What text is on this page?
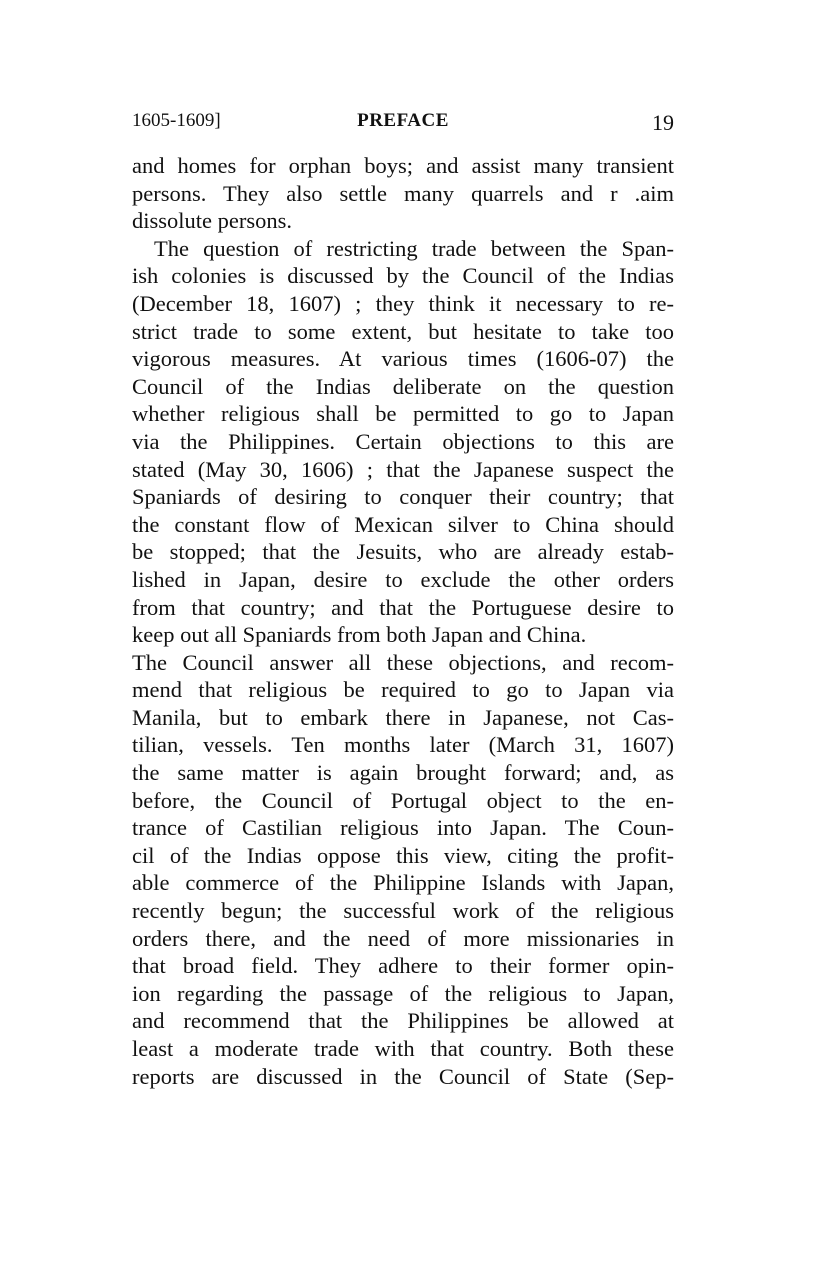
1605-1609]	PREFACE	19
and homes for orphan boys; and assist many transient
persons. They also settle many quarrels and r .aim
dissolute persons.
The question of restricting trade between the Span-
ish colonies is discussed by the Council of the Indias
(December 18, 1607) ; they think it necessary to re-
strict trade to some extent, but hesitate to take too
vigorous measures. At various times (1606-07) the
Council of the Indias deliberate on the question
whether religious shall be permitted to go to Japan
via the Philippines. Certain objections to this are
stated (May 30, 1606) ; that the Japanese suspect the
Spaniards of desiring to conquer their country; that
the constant flow of Mexican silver to China should
be stopped; that the Jesuits, who are already estab-
lished in Japan, desire to exclude the other orders
from that country; and that the Portuguese desire to
keep out all Spaniards from both Japan and China.
The Council answer all these objections, and recom-
mend that religious be required to go to Japan via
Manila, but to embark there in Japanese, not Cas-
tilian, vessels. Ten months later (March 31, 1607)
the same matter is again brought forward; and, as
before, the Council of Portugal object to the en-
trance of Castilian religious into Japan. The Coun-
cil of the Indias oppose this view, citing the profit-
able commerce of the Philippine Islands with Japan,
recently begun; the successful work of the religious
orders there, and the need of more missionaries in
that broad field. They adhere to their former opin-
ion regarding the passage of the religious to Japan,
and recommend that the Philippines be allowed at
least a moderate trade with that country. Both these
reports are discussed in the Council of State (Sep-
